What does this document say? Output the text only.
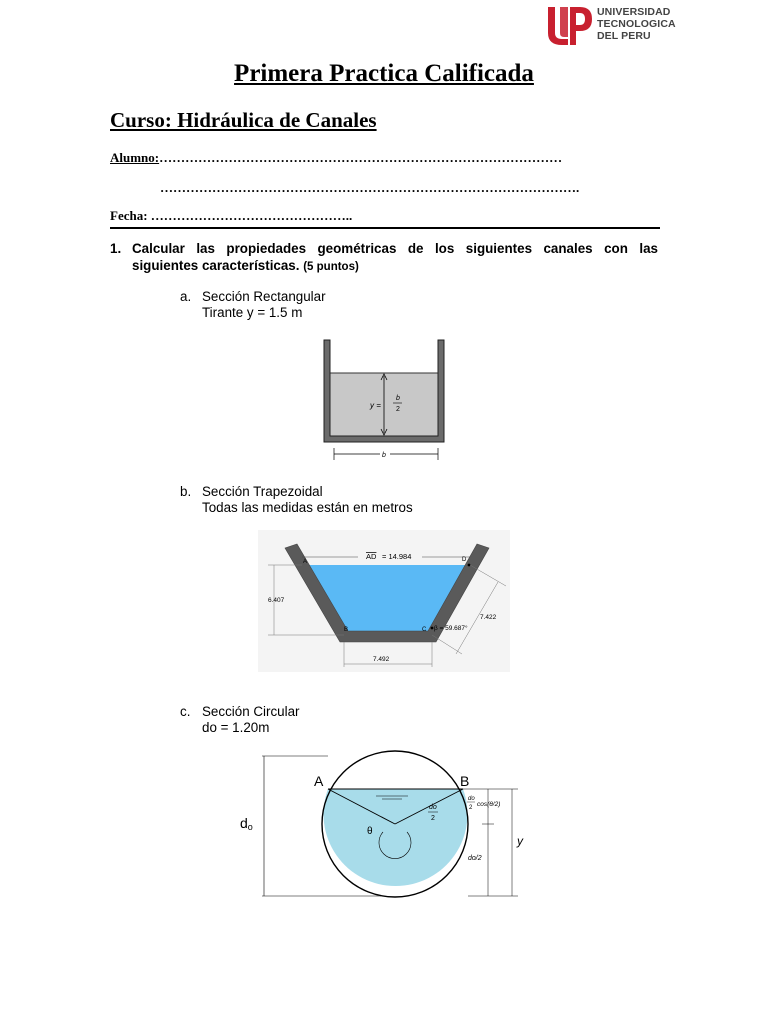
UNIVERSIDAD
TECNOLOGICA
DEL PERU
Primera Practica Calificada
Curso: Hidráulica de Canales
Alumno:…………………………………………………………………………………
…………………………………………………………………………………….
Fecha: ………………………………………..
1. Calcular las propiedades geométricas de los siguientes canales con las siguientes características. (5 puntos)
a. Sección Rectangular
Tirante y = 1.5 m
y =
b
2
b
b. Sección Trapezoidal
Todas las medidas están en metros
AD = 14.984
A	D
B	C
6.407
7.422
β = 59.687°
7.492
c. Sección Circular
do = 1.20m
θ
A	B
do
2
do
y
do
2 cos(θ/2)
do/2
